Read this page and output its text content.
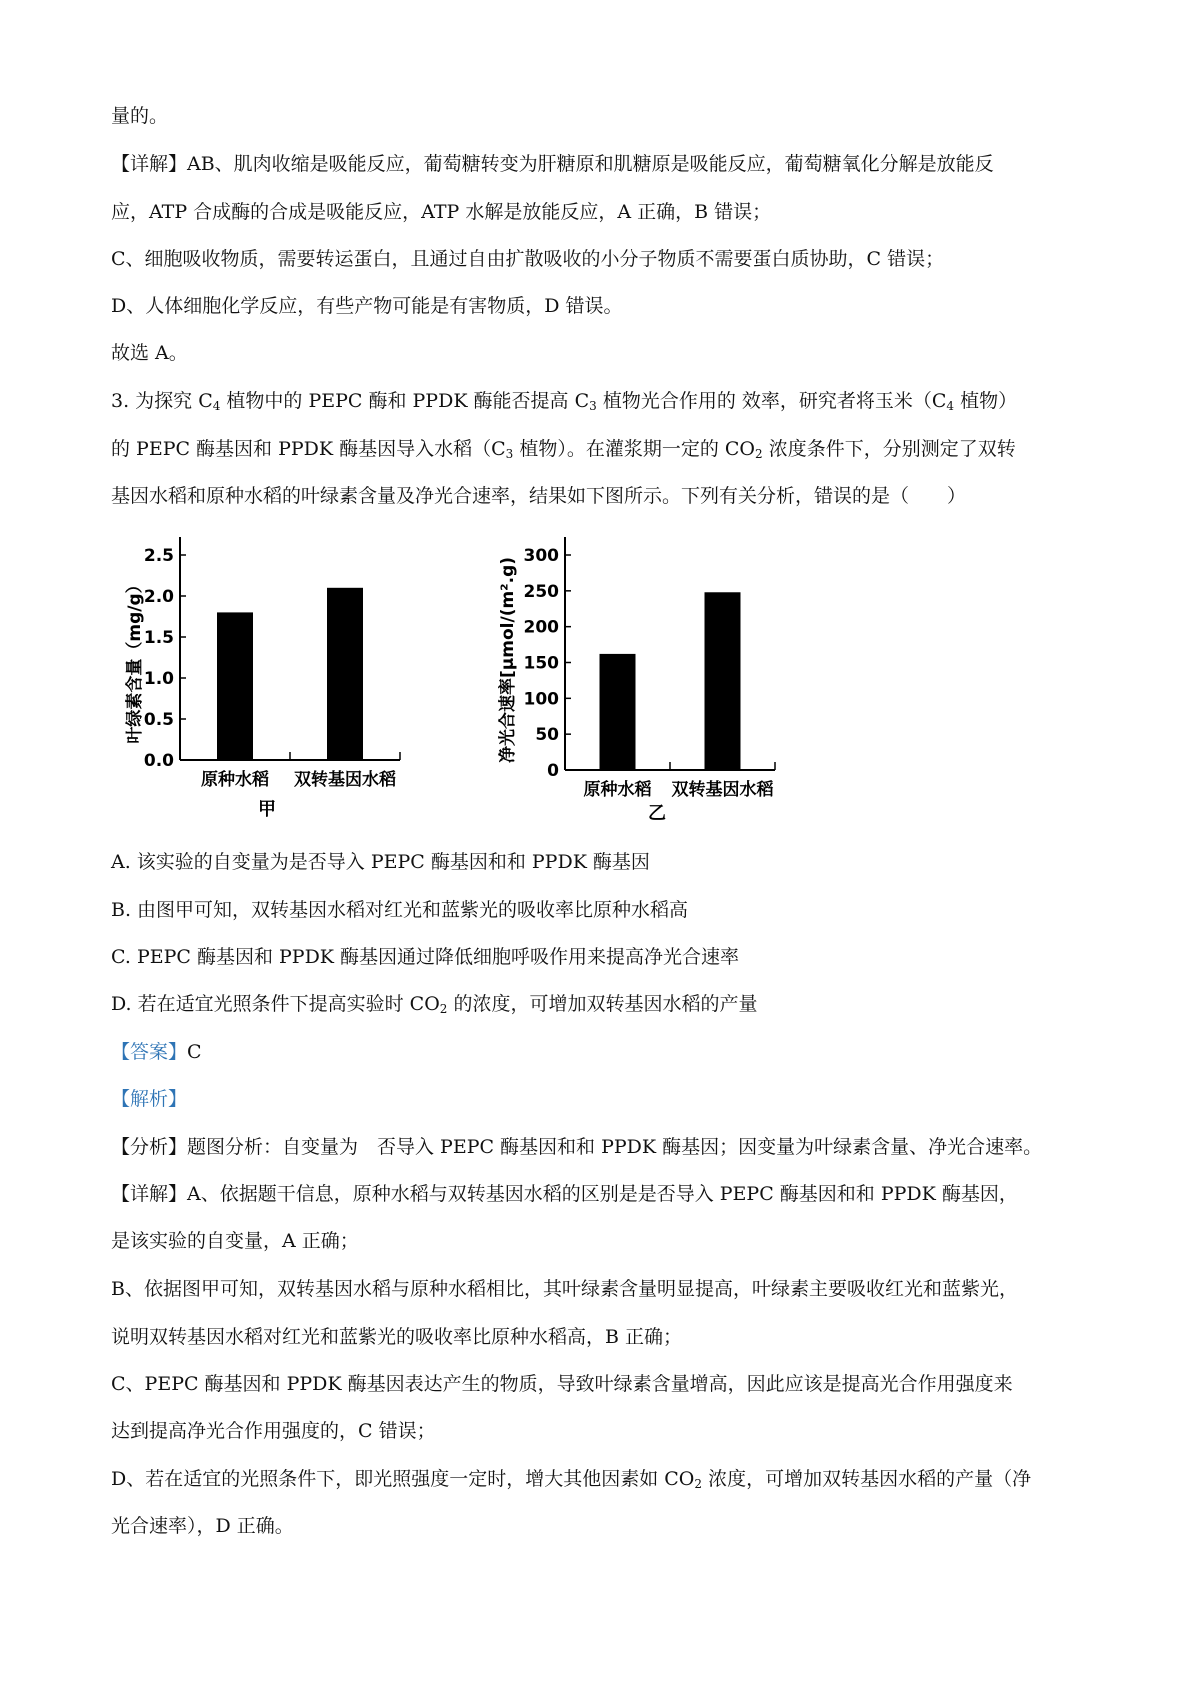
量的。
【详解】AB、肌肉收缩是吸能反应，葡萄糖转变为肝糖原和肌糖原是吸能反应，葡萄糖氧化分解是放能反
应，ATP 合成酶的合成是吸能反应，ATP 水解是放能反应，A 正确，B 错误；
C、细胞吸收物质，需要转运蛋白，且通过自由扩散吸收的小分子物质不需要蛋白质协助，C 错误；
D、人体细胞化学反应，有些产物可能是有害物质，D 错误。
故选 A。
3. 为探究 $C_4$ 植物中的 PEPC 酶和 PPDK 酶能否提高 $C_3$ 植物光合作用的 效率，研究者将玉米（$C_4$ 植物）
的 PEPC 酶基因和 PPDK 酶基因导入水稻（$C_3$ 植物）。在灌浆期一定的 $CO_2$ 浓度条件下，分别测定了双转
基因水稻和原种水稻的叶绿素含量及净光合速率，结果如下图所示。下列有关分析，错误的是（　　）
0.0
0.5
1.0
1.5
2.0
2.5
原种水稻 双转基因水稻
叶绿素含量（mg/g）
甲
0
50
100
150
200
250
300
原种水稻 双转基因水稻
净光合速率[μmol/(m².g)
乙
A. 该实验的自变量为是否导入 PEPC 酶基因和和 PPDK 酶基因
B. 由图甲可知，双转基因水稻对红光和蓝紫光的吸收率比原种水稻高
C. PEPC 酶基因和 PPDK 酶基因通过降低细胞呼吸作用来提高净光合速率
D. 若在适宜光照条件下提高实验时 $CO_2$ 的浓度，可增加双转基因水稻的产量
【答案】C
【解析】
【分析】题图分析：自变量为　否导入 PEPC 酶基因和和 PPDK 酶基因；因变量为叶绿素含量、净光合速率。
【详解】A、依据题干信息，原种水稻与双转基因水稻的区别是是否导入 PEPC 酶基因和和 PPDK 酶基因，
是该实验的自变量，A 正确；
B、依据图甲可知，双转基因水稻与原种水稻相比，其叶绿素含量明显提高，叶绿素主要吸收红光和蓝紫光，
说明双转基因水稻对红光和蓝紫光的吸收率比原种水稻高，B 正确；
C、PEPC 酶基因和 PPDK 酶基因表达产生的物质，导致叶绿素含量增高，因此应该是提高光合作用强度来
达到提高净光合作用强度的，C 错误；
D、若在适宜的光照条件下，即光照强度一定时，增大其他因素如 $CO_2$ 浓度，可增加双转基因水稻的产量（净
光合速率），D 正确。
